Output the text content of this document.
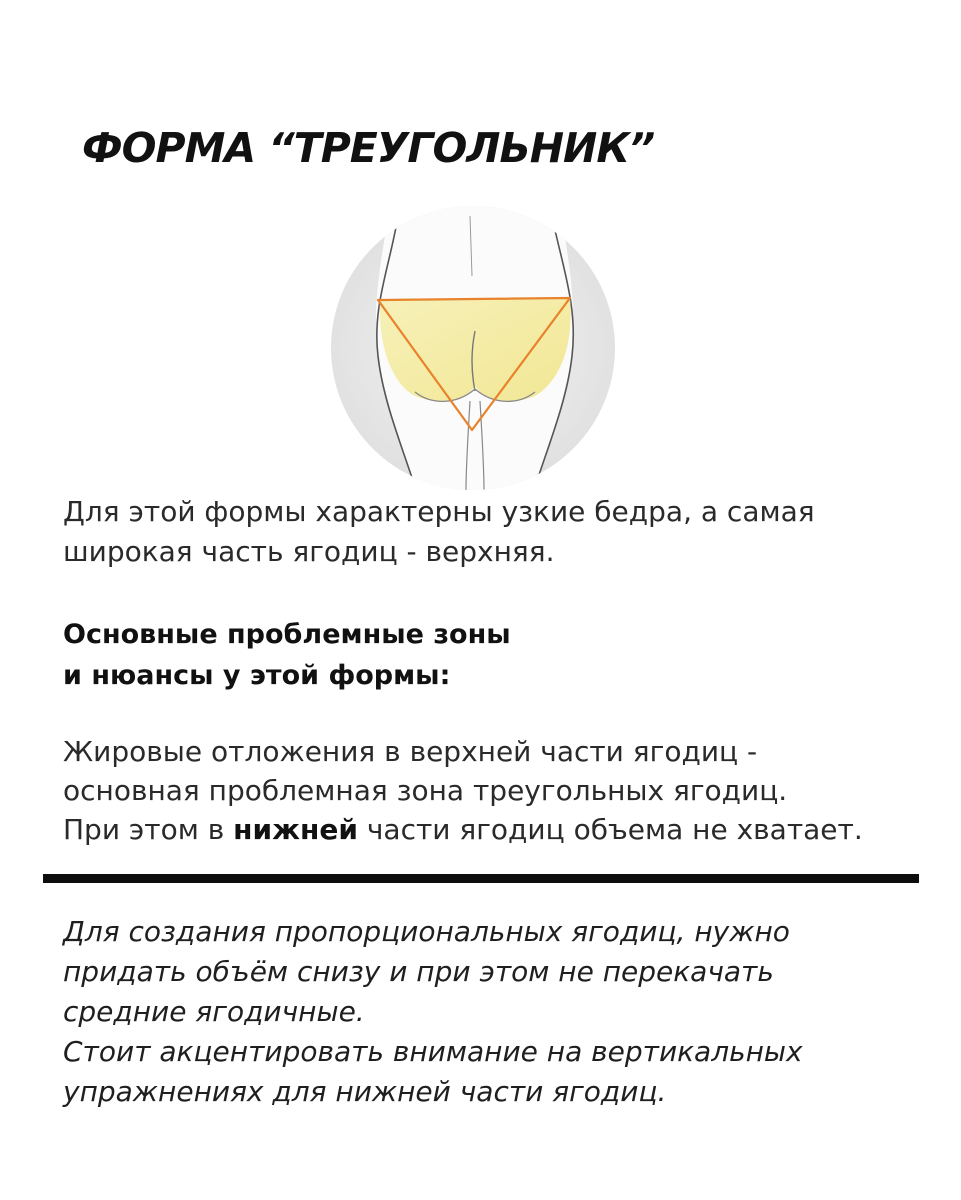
ФОРМА “ТРЕУГОЛЬНИК”
Для этой формы характерны узкие бедра, а самая
широкая часть ягодиц - верхняя.
Основные проблемные зоны
и нюансы у этой формы:
Жировые отложения в верхней части ягодиц -
основная проблемная зона треугольных ягодиц.
При этом в нижней части ягодиц объема не хватает.
Для создания пропорциональных ягодиц, нужно
придать объём снизу и при этом не перекачать
средние ягодичные.
Стоит акцентировать внимание на вертикальных
упражнениях для нижней части ягодиц.
